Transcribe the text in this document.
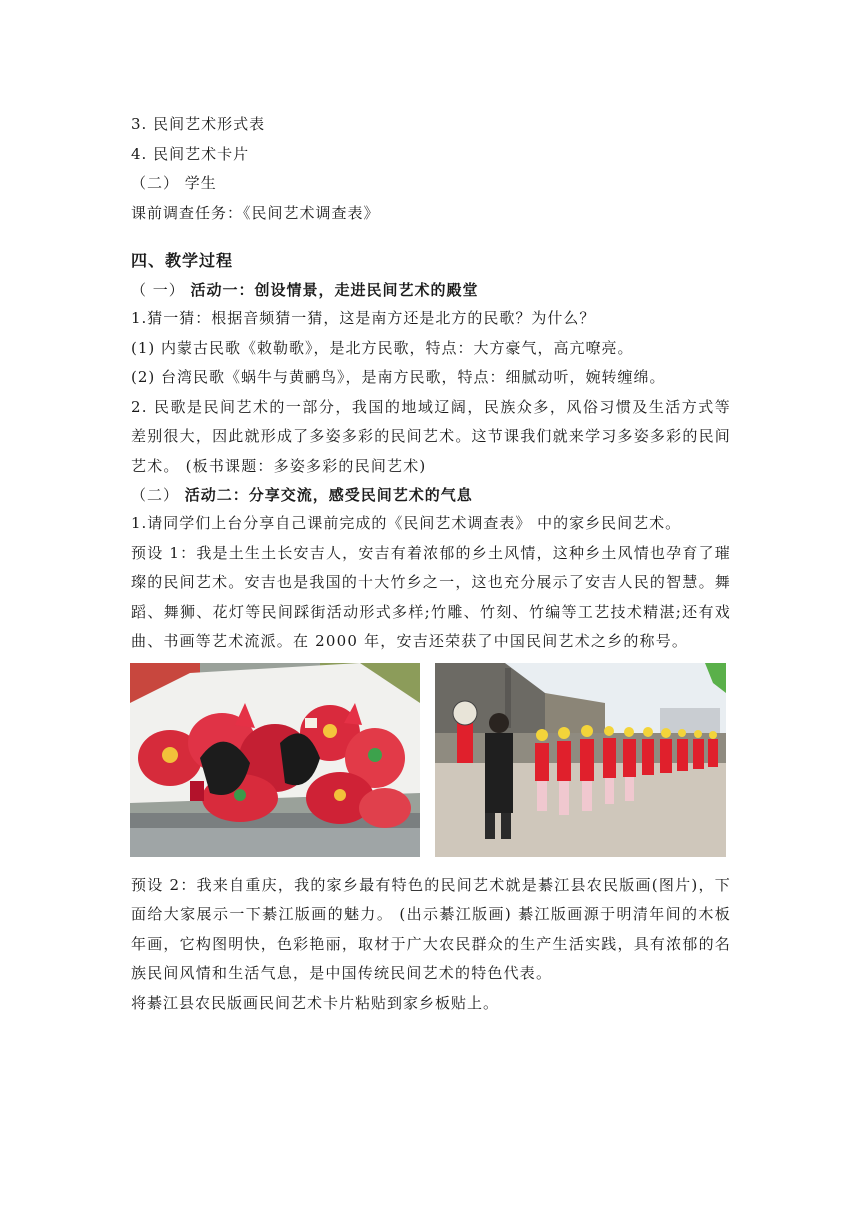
3. 民间艺术形式表
4. 民间艺术卡片
（二） 学生
课前调查任务：《民间艺术调查表》
四、教学过程
（ 一） 活动一：创设情景，走进民间艺术的殿堂
1.猜一猜：根据音频猜一猜，这是南方还是北方的民歌？为什么？
(1) 内蒙古民歌《敕勒歌》，是北方民歌，特点：大方豪气，高亢嘹亮。
(2) 台湾民歌《蜗牛与黄鹂鸟》，是南方民歌，特点：细腻动听，婉转缠绵。

2. 民歌是民间艺术的一部分，我国的地域辽阔，民族众多，风俗习惯及生活方式等差别很大，因此就形成了多姿多彩的民间艺术。这节课我们就来学习多姿多彩的民间艺术。 (板书课题：多姿多彩的民间艺术)

（二） 活动二：分享交流，感受民间艺术的气息
1.请同学们上台分享自己课前完成的《民间艺术调查表》 中的家乡民间艺术。

预设 1：我是土生土长安吉人，安吉有着浓郁的乡土风情，这种乡土风情也孕育了璀璨的民间艺术。安吉也是我国的十大竹乡之一，这也充分展示了安吉人民的智慧。舞蹈、舞狮、花灯等民间踩街活动形式多样;竹雕、竹刻、竹编等工艺技术精湛;还有戏曲、书画等艺术流派。在 2000 年，安吉还荣获了中国民间艺术之乡的称号。

预设 2：我来自重庆，我的家乡最有特色的民间艺术就是綦江县农民版画(图片)，下面给大家展示一下綦江版画的魅力。 (出示綦江版画) 綦江版画源于明清年间的木板年画，它构图明快，色彩艳丽，取材于广大农民群众的生产生活实践，具有浓郁的名族民间风情和生活气息，是中国传统民间艺术的特色代表。

将綦江县农民版画民间艺术卡片粘贴到家乡板贴上。
